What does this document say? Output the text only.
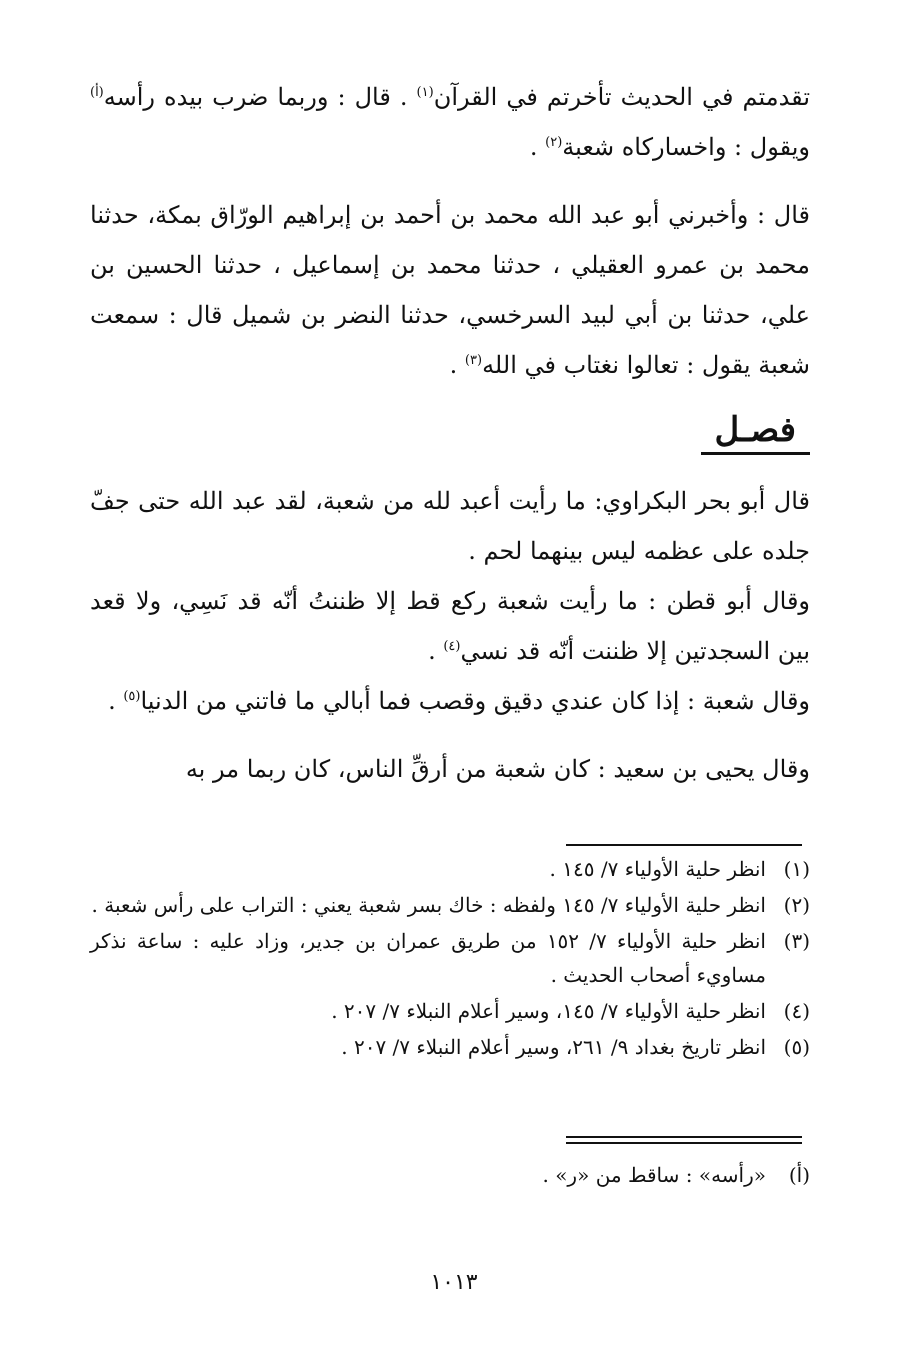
تقدمتم في الحديث تأخرتم في القرآن$^{(١)}$ . قال : وربما ضرب بيده رأسه$^{(أ)}$ ويقول : واخساركاه شعبة$^{(٢)}$ .

قال : وأخبرني أبو عبد الله محمد بن أحمد بن إبراهيم الورّاق بمكة، حدثنا محمد بن عمرو العقيلي ، حدثنا محمد بن إسماعيل ، حدثنا الحسين بن علي، حدثنا بن أبي لبيد السرخسي، حدثنا النضر بن شميل قال : سمعت شعبة يقول : تعالوا نغتاب في الله$^{(٣)}$ .

فصـل

قال أبو بحر البكراوي: ما رأيت أعبد لله من شعبة، لقد عبد الله حتى جفّ جلده على عظمه ليس بينهما لحم .

وقال أبو قطن : ما رأيت شعبة ركع قط إلا ظننتُ أنّه قد نَسِي، ولا قعد بين السجدتين إلا ظننت أنّه قد نسي$^{(٤)}$ .

وقال شعبة : إذا كان عندي دقيق وقصب فما أبالي ما فاتني من الدنيا$^{(٥)}$ .

وقال يحيى بن سعيد : كان شعبة من أرقِّ الناس، كان ربما مر به

(١)
انظر حلية الأولياء ٧/ ١٤٥ .
(٢)
انظر حلية الأولياء ٧/ ١٤٥ ولفظه : خاك بسر شعبة يعني : التراب على رأس شعبة .
(٣)
انظر حلية الأولياء ٧/ ١٥٢ من طريق عمران بن جدير، وزاد عليه : ساعة نذكر مساويء أصحاب الحديث .
(٤)
انظر حلية الأولياء ٧/ ١٤٥، وسير أعلام النبلاء ٧/ ٢٠٧ .
(٥)
انظر تاريخ بغداد ٩/ ٢٦١، وسير أعلام النبلاء ٧/ ٢٠٧ .
(أ)
«رأسه» : ساقط من «ر» .
١٠١٣
